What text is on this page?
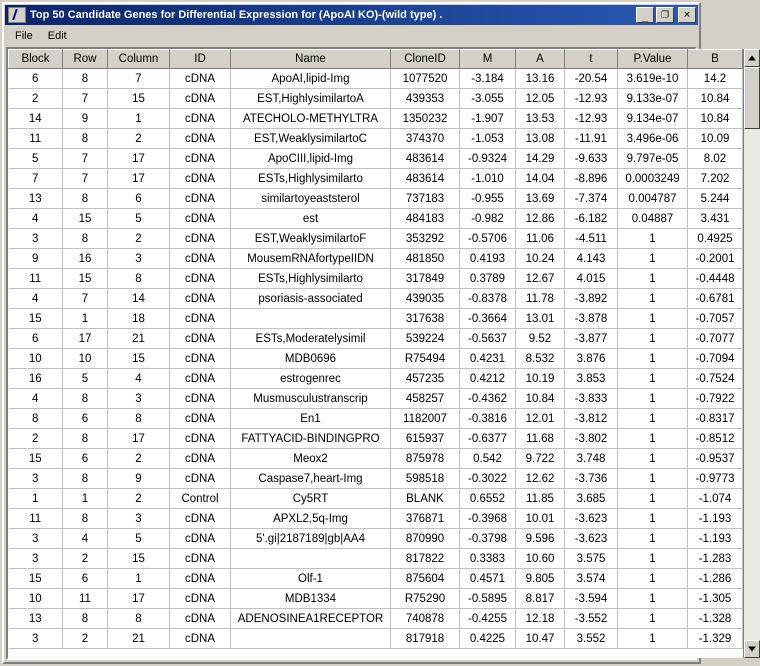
Top 50 Candidate Genes for Differential Expression for (ApoAI KO)-(wild type) .	_	❐	✕
File	Edit
Block	Row	Column	ID	Name	CloneID	M	A	t	P.Value	B
6	8	7	cDNA	ApoAI,lipid-Img	1077520	-3.184	13.16	-20.54	3.619e-10	14.2
2	7	15	cDNA	EST,HighlysimilartoA	439353	-3.055	12.05	-12.93	9.133e-07	10.84
14	9	1	cDNA	ATECHOLO-METHYLTRA	1350232	-1.907	13.53	-12.93	9.134e-07	10.84
11	8	2	cDNA	EST,WeaklysimilartoC	374370	-1.053	13.08	-11.91	3.496e-06	10.09
5	7	17	cDNA	ApoCIII,lipid-Img	483614	-0.9324	14.29	-9.633	9.797e-05	8.02
7	7	17	cDNA	ESTs,Highlysimilarto	483614	-1.010	14.04	-8.896	0.0003249	7.202
13	8	6	cDNA	similartoyeaststerol	737183	-0.955	13.69	-7.374	0.004787	5.244
4	15	5	cDNA	est	484183	-0.982	12.86	-6.182	0.04887	3.431
3	8	2	cDNA	EST,WeaklysimilartoF	353292	-0.5706	11.06	-4.511	1	0.4925
9	16	3	cDNA	MousemRNAfortypeIIDN	481850	0.4193	10.24	4.143	1	-0.2001
11	15	8	cDNA	ESTs,Highlysimilarto	317849	0.3789	12.67	4.015	1	-0.4448
4	7	14	cDNA	psoriasis-associated	439035	-0.8378	11.78	-3.892	1	-0.6781
15	1	18	cDNA		317638	-0.3664	13.01	-3.878	1	-0.7057
6	17	21	cDNA	ESTs,Moderatelysimil	539224	-0.5637	9.52	-3.877	1	-0.7077
10	10	15	cDNA	MDB0696	R75494	0.4231	8.532	3.876	1	-0.7094
16	5	4	cDNA	estrogenrec	457235	0.4212	10.19	3.853	1	-0.7524
4	8	3	cDNA	Musmusculustranscrip	458257	-0.4362	10.84	-3.833	1	-0.7922
8	6	8	cDNA	En1	1182007	-0.3816	12.01	-3.812	1	-0.8317
2	8	17	cDNA	FATTYACID-BINDINGPRO	615937	-0.6377	11.68	-3.802	1	-0.8512
15	6	2	cDNA	Meox2	875978	0.542	9.722	3.748	1	-0.9537
3	8	9	cDNA	Caspase7,heart-Img	598518	-0.3022	12.62	-3.736	1	-0.9773
1	1	2	Control	Cy5RT	BLANK	0.6552	11.85	3.685	1	-1.074
11	8	3	cDNA	APXL2,5q-Img	376871	-0.3968	10.01	-3.623	1	-1.193
3	4	5	cDNA	5'.gi|2187189|gb|AA4	870990	-0.3798	9.596	-3.623	1	-1.193
3	2	15	cDNA		817822	0.3383	10.60	3.575	1	-1.283
15	6	1	cDNA	Olf-1	875604	0.4571	9.805	3.574	1	-1.286
10	11	17	cDNA	MDB1334	R75290	-0.5895	8.817	-3.594	1	-1.305
13	8	8	cDNA	ADENOSINEA1RECEPTOR	740878	-0.4255	12.18	-3.552	1	-1.328
3	2	21	cDNA		817918	0.4225	10.47	3.552	1	-1.329
